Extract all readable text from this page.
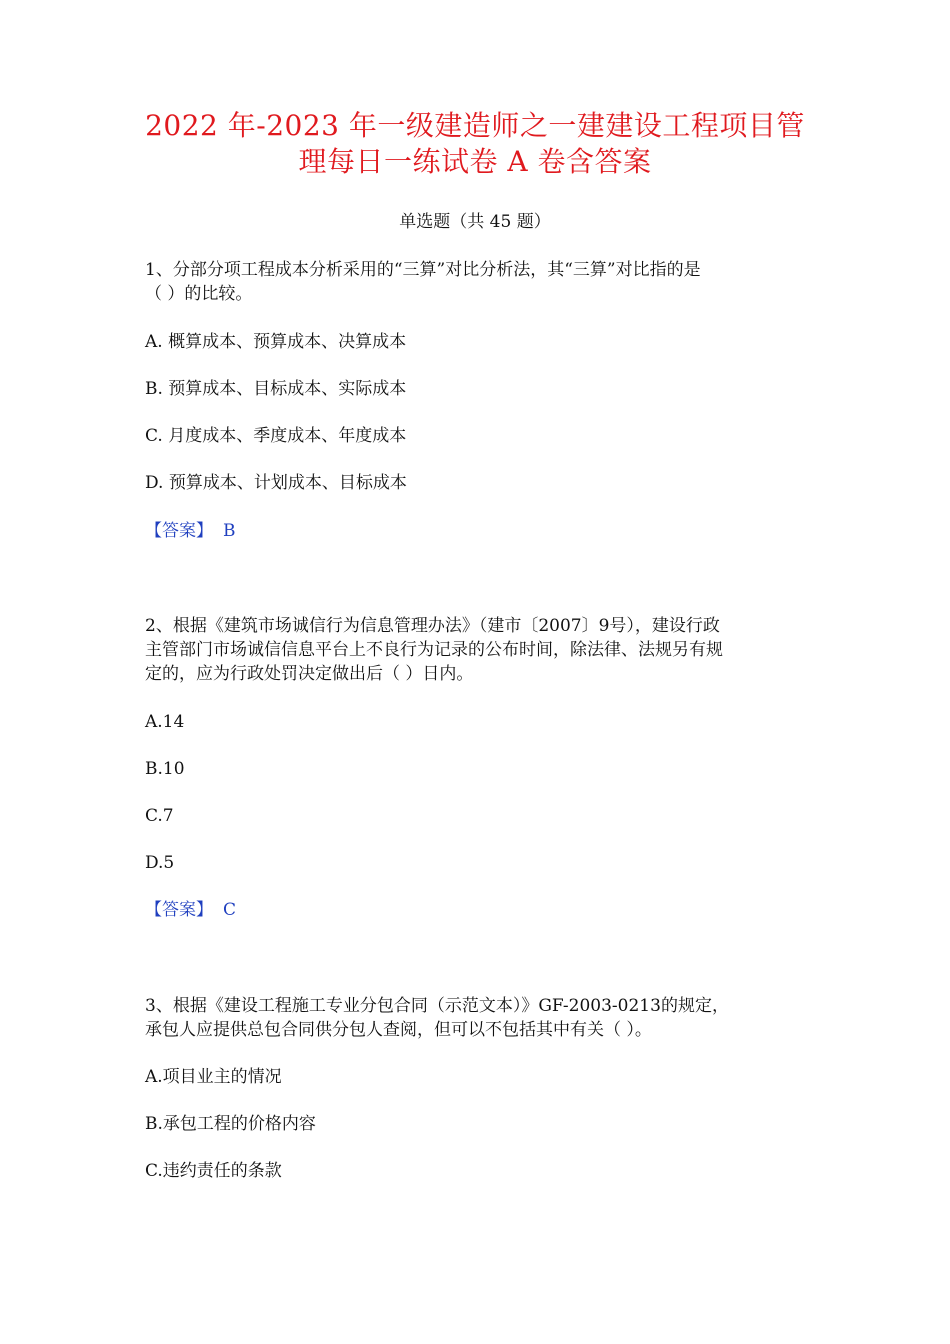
2022 年-2023 年一级建造师之一建建设工程项目管
理每日一练试卷 A 卷含答案
单选题（共 45 题）
1、分部分项工程成本分析采用的“三算”对比分析法，其“三算”对比指的是
（ ）的比较。
A. 概算成本、预算成本、决算成本
B. 预算成本、目标成本、实际成本
C. 月度成本、季度成本、年度成本
D. 预算成本、计划成本、目标成本
【答案】 B
2、根据《建筑市场诚信行为信息管理办法》（建市〔2007〕9号），建设行政
主管部门市场诚信信息平台上不良行为记录的公布时间，除法律、法规另有规
定的，应为行政处罚决定做出后（ ）日内。
A.14
B.10
C.7
D.5
【答案】 C
3、根据《建设工程施工专业分包合同（示范文本）》GF-2003-0213的规定，
承包人应提供总包合同供分包人查阅，但可以不包括其中有关（ ）。
A.项目业主的情况
B.承包工程的价格内容
C.违约责任的条款
